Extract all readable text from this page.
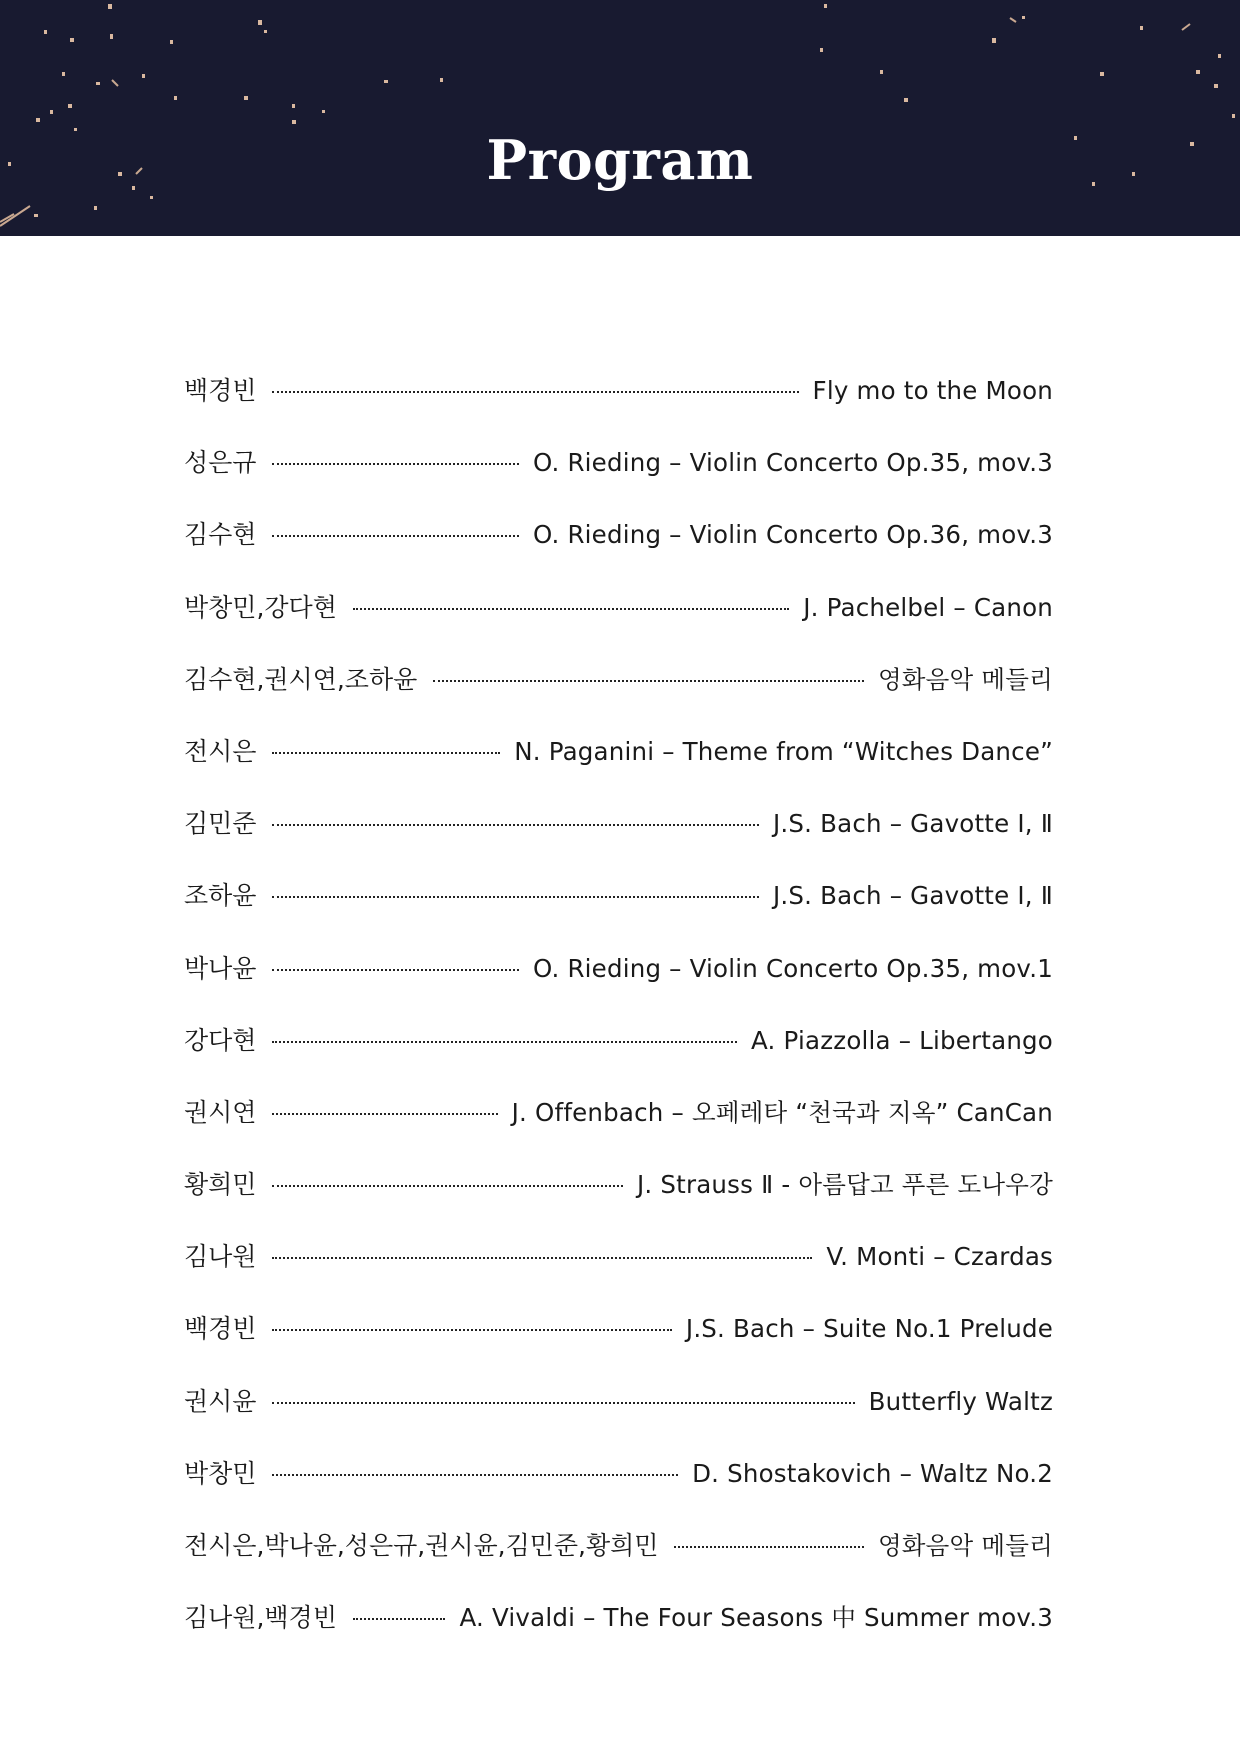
Program
백경빈	Fly mo to the Moon
성은규	O. Rieding – Violin Concerto Op.35, mov.3
김수현	O. Rieding – Violin Concerto Op.36, mov.3
박창민,강다현	J. Pachelbel – Canon
김수현,권시연,조하윤	영화음악 메들리
전시은	N. Paganini – Theme from “Witches Dance”
김민준	J.S. Bach – Gavotte Ⅰ, Ⅱ
조하윤	J.S. Bach – Gavotte Ⅰ, Ⅱ
박나윤	O. Rieding – Violin Concerto Op.35, mov.1
강다현	A. Piazzolla – Libertango
권시연	J. Offenbach – 오페레타 “천국과 지옥” CanCan
황희민	J. Strauss Ⅱ - 아름답고 푸른 도나우강
김나원	V. Monti – Czardas
백경빈	J.S. Bach – Suite No.1 Prelude
권시윤	Butterfly Waltz
박창민	D. Shostakovich – Waltz No.2
전시은,박나윤,성은규,권시윤,김민준,황희민	영화음악 메들리
김나원,백경빈	A. Vivaldi – The Four Seasons 中 Summer mov.3
